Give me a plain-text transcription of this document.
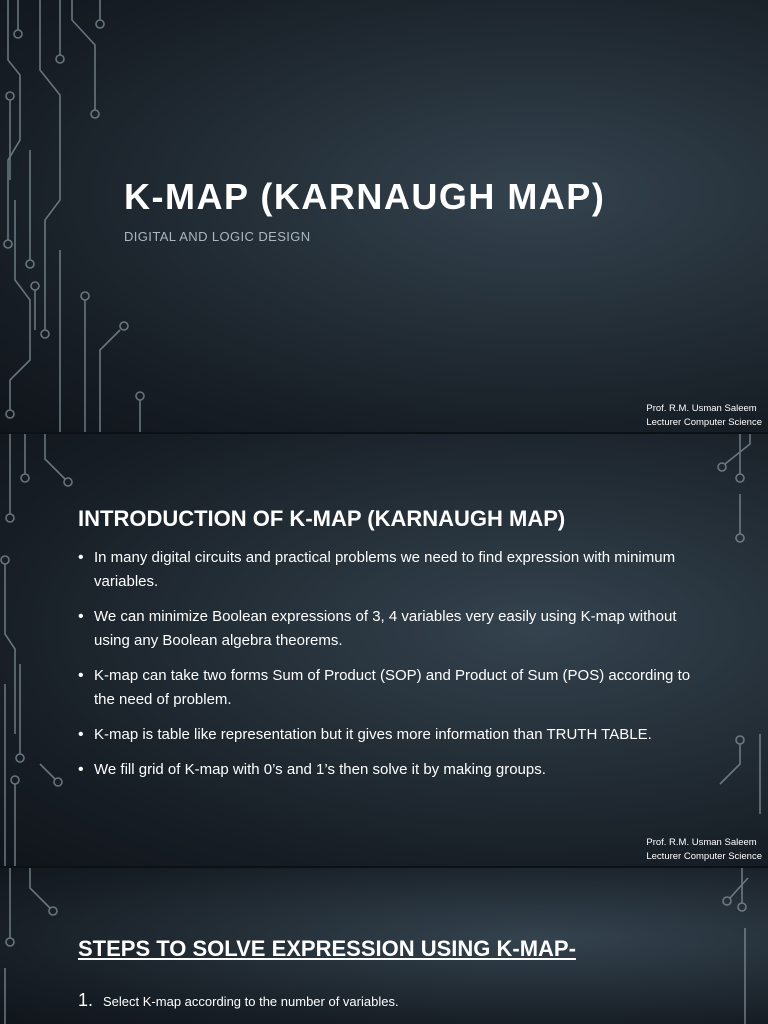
K-MAP (KARNAUGH MAP)
DIGITAL AND LOGIC DESIGN
Prof. R.M. Usman Saleem
Lecturer Computer Science
INTRODUCTION OF K-MAP (KARNAUGH MAP)
• In many digital circuits and practical problems we need to find expression with minimum variables.
• We can minimize Boolean expressions of 3, 4 variables very easily using K-map without using any Boolean algebra theorems.
• K-map can take two forms Sum of Product (SOP) and Product of Sum (POS) according to the need of problem.
• K-map is table like representation but it gives more information than TRUTH TABLE.
• We fill grid of K-map with 0’s and 1’s then solve it by making groups.
Prof. R.M. Usman Saleem
Lecturer Computer Science
STEPS TO SOLVE EXPRESSION USING K-MAP-
1. Select K-map according to the number of variables.
